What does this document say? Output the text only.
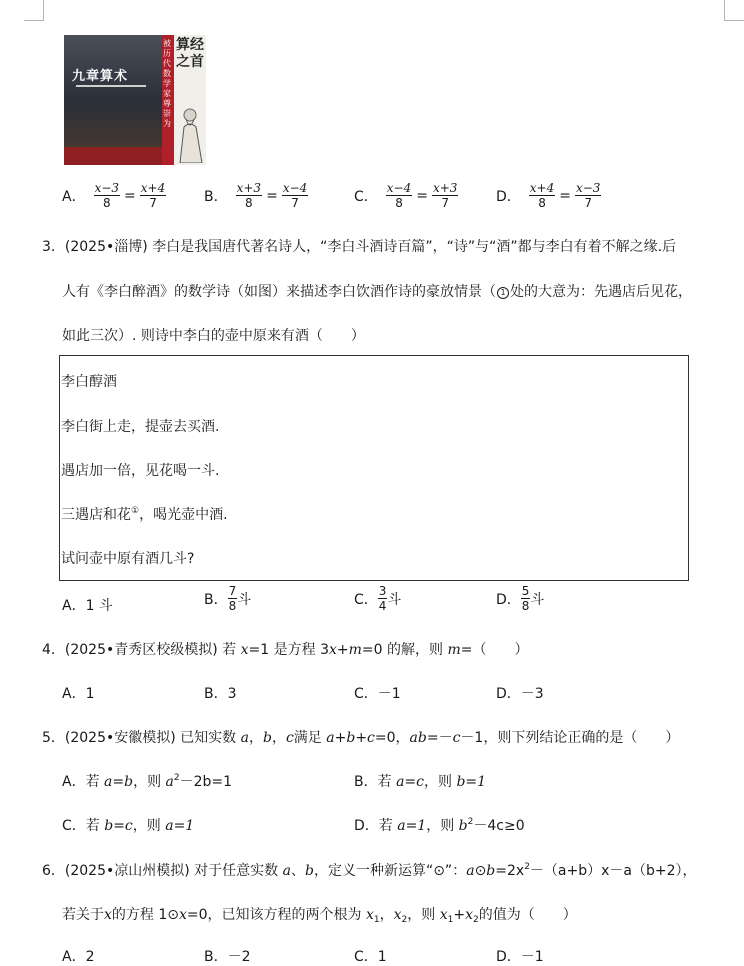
九章算术
被历代数学家尊崇为
算经之首
A． $\frac{x-3}{8} = \frac{x+4}{7}$	B． $\frac{x+3}{8} = \frac{x-4}{7}$	C． $\frac{x-4}{8} = \frac{x+3}{7}$	D． $\frac{x+4}{8} = \frac{x-3}{7}$
3．(2025•淄博) 李白是我国唐代著名诗人，“李白斗酒诗百篇”，“诗”与“酒”都与李白有着不解之缘.后
人有《李白醉酒》的数学诗（如图）来描述李白饮酒作诗的豪放情景（ 1 处的大意为：先遇店后见花，
如此三次）. 则诗中李白的壶中原来有酒（　　）
李白醇酒
李白街上走，提壶去买酒.
遇店加一倍，见花喝一斗.
三遇店和花①，喝光壶中酒.
试问壶中原有酒几斗?
A．1 斗	B． $\frac{7}{8}$ 斗	C． $\frac{3}{4}$ 斗	D． $\frac{5}{8}$ 斗
4．(2025•青秀区校级模拟) 若 x=1 是方程 3x+m=0 的解，则 m=（　　）
A．1	B．3	C．－1	D．－3
5．(2025•安徽模拟) 已知实数 a，b，c满足 a+b+c=0，ab=－c－1，则下列结论正确的是（　　）
A．若 a=b，则 $a^2-2b=1$	B．若 a=c，则 b=1
C．若 b=c，则 a=1	D．若 a=1，则 $b^2-4c\ge 0$
6．(2025•凉山州模拟) 对于任意实数 a、b，定义一种新运算“⊙”：$a⊙b=2x^2-(a+b)x-a(b+2)$，
若关于x的方程 1⊙x=0，已知该方程的两个根为 $x_1$，$x_2$，则 $x_1+x_2$的值为（　　）
A．2	B．－2	C．1	D．－1
